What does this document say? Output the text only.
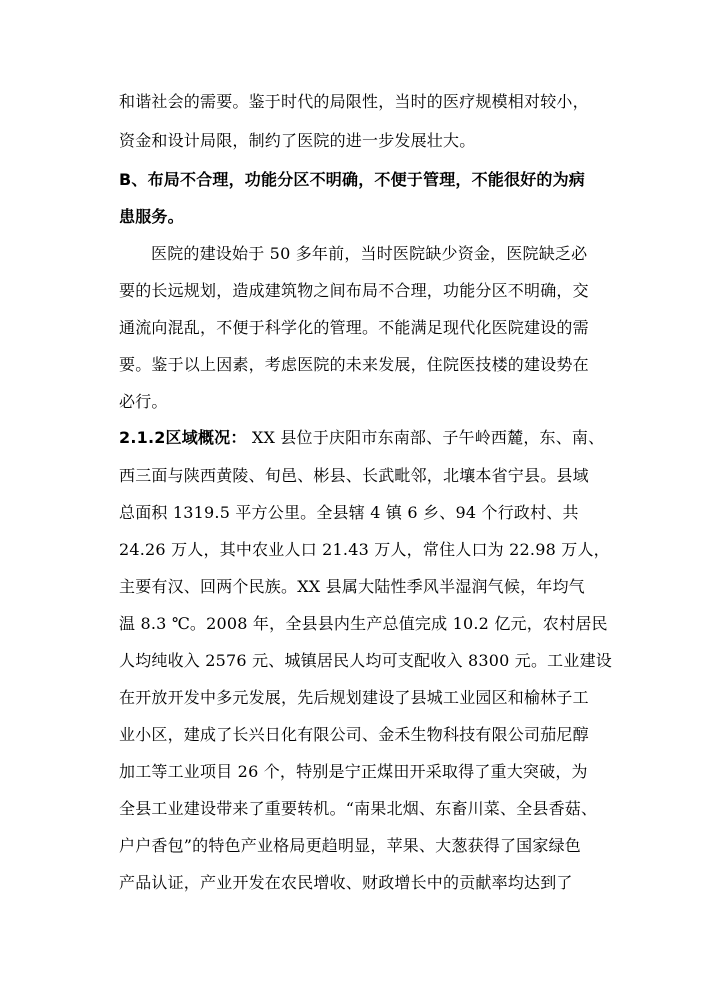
和谐社会的需要。鉴于时代的局限性，当时的医疗规模相对较小，
资金和设计局限，制约了医院的进一步发展壮大。
B、布局不合理，功能分区不明确，不便于管理，不能很好的为病
患服务。
医院的建设始于 50 多年前，当时医院缺少资金，医院缺乏必
要的长远规划，造成建筑物之间布局不合理，功能分区不明确，交
通流向混乱，不便于科学化的管理。不能满足现代化医院建设的需
要。鉴于以上因素，考虑医院的未来发展，住院医技楼的建设势在
必行。
2.1.2区域概况： XX 县位于庆阳市东南部、子午岭西麓，东、南、
西三面与陕西黄陵、旬邑、彬县、长武毗邻，北壤本省宁县。县域
总面积 1319.5 平方公里。全县辖 4 镇 6 乡、94 个行政村、共
24.26 万人，其中农业人口 21.43 万人，常住人口为 22.98 万人，
主要有汉、回两个民族。XX 县属大陆性季风半湿润气候，年均气
温 8.3 ℃。2008 年，全县县内生产总值完成 10.2 亿元，农村居民
人均纯收入 2576 元、城镇居民人均可支配收入 8300 元。工业建设
在开放开发中多元发展，先后规划建设了县城工业园区和榆林子工
业小区，建成了长兴日化有限公司、金禾生物科技有限公司茄尼醇
加工等工业项目 26 个，特别是宁正煤田开采取得了重大突破，为
全县工业建设带来了重要转机。“南果北烟、东畜川菜、全县香菇、
户户香包”的特色产业格局更趋明显，苹果、大葱获得了国家绿色
产品认证，产业开发在农民增收、财政增长中的贡献率均达到了
